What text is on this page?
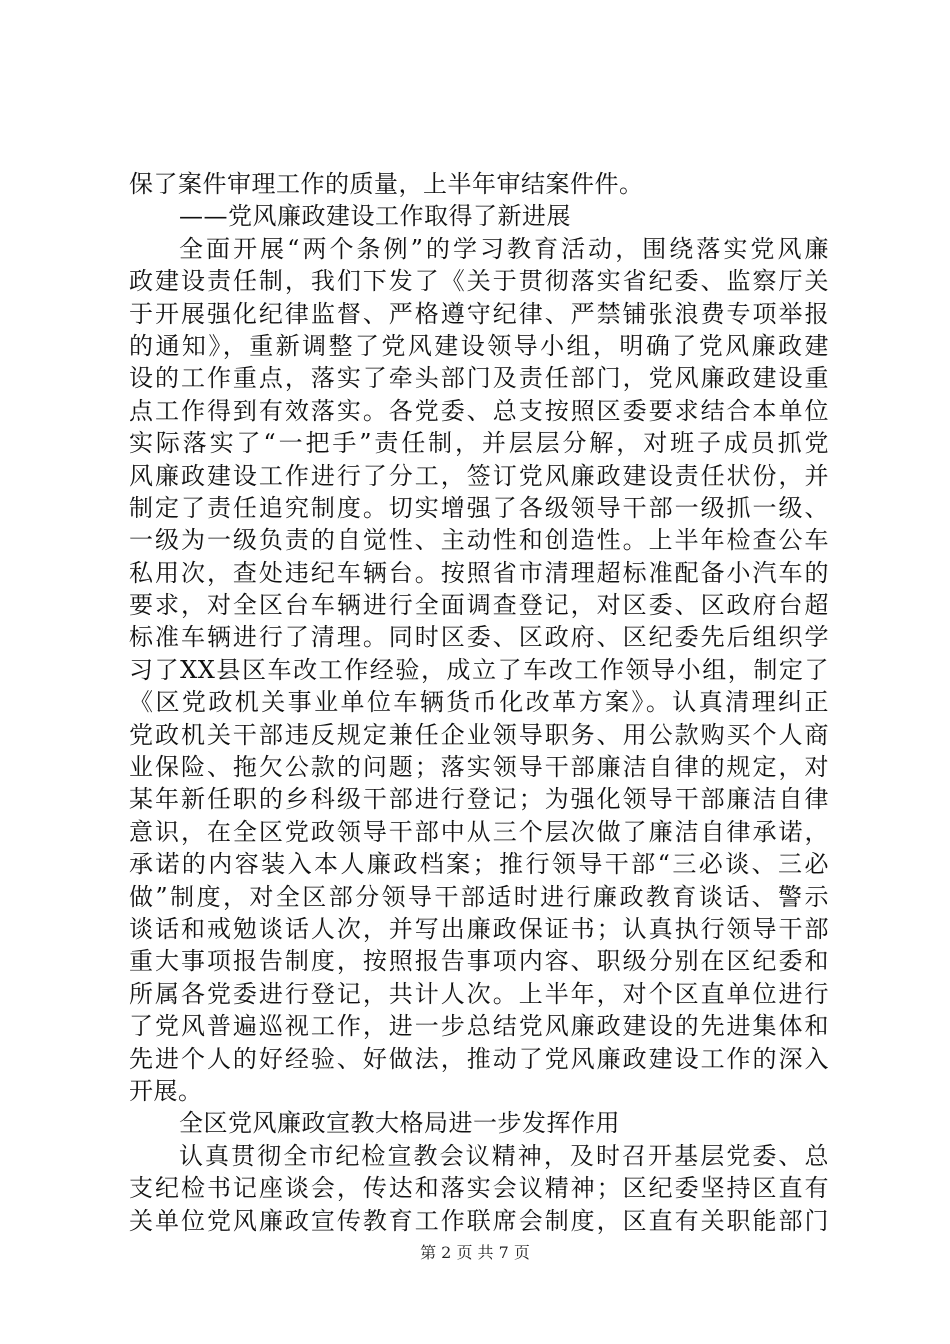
保了案件审理工作的质量，上半年审结案件件。
——党风廉政建设工作取得了新进展
全面开展“两个条例”的学习教育活动，围绕落实党风廉
政建设责任制，我们下发了《关于贯彻落实省纪委、监察厅关
于开展强化纪律监督、严格遵守纪律、严禁铺张浪费专项举报
的通知》，重新调整了党风建设领导小组，明确了党风廉政建
设的工作重点，落实了牵头部门及责任部门，党风廉政建设重
点工作得到有效落实。各党委、总支按照区委要求结合本单位
实际落实了“一把手”责任制，并层层分解，对班子成员抓党
风廉政建设工作进行了分工，签订党风廉政建设责任状份，并
制定了责任追究制度。切实增强了各级领导干部一级抓一级、
一级为一级负责的自觉性、主动性和创造性。上半年检查公车
私用次，查处违纪车辆台。按照省市清理超标准配备小汽车的
要求，对全区台车辆进行全面调查登记，对区委、区政府台超
标准车辆进行了清理。同时区委、区政府、区纪委先后组织学
习了XX县区车改工作经验，成立了车改工作领导小组，制定了
《区党政机关事业单位车辆货币化改革方案》。认真清理纠正
党政机关干部违反规定兼任企业领导职务、用公款购买个人商
业保险、拖欠公款的问题；落实领导干部廉洁自律的规定，对
某年新任职的乡科级干部进行登记；为强化领导干部廉洁自律
意识，在全区党政领导干部中从三个层次做了廉洁自律承诺，
承诺的内容装入本人廉政档案；推行领导干部“三必谈、三必
做”制度，对全区部分领导干部适时进行廉政教育谈话、警示
谈话和戒勉谈话人次，并写出廉政保证书；认真执行领导干部
重大事项报告制度，按照报告事项内容、职级分别在区纪委和
所属各党委进行登记，共计人次。上半年，对个区直单位进行
了党风普遍巡视工作，进一步总结党风廉政建设的先进集体和
先进个人的好经验、好做法，推动了党风廉政建设工作的深入
开展。
全区党风廉政宣教大格局进一步发挥作用
认真贯彻全市纪检宣教会议精神，及时召开基层党委、总
支纪检书记座谈会，传达和落实会议精神；区纪委坚持区直有
关单位党风廉政宣传教育工作联席会制度，区直有关职能部门
第 2 页 共 7 页
